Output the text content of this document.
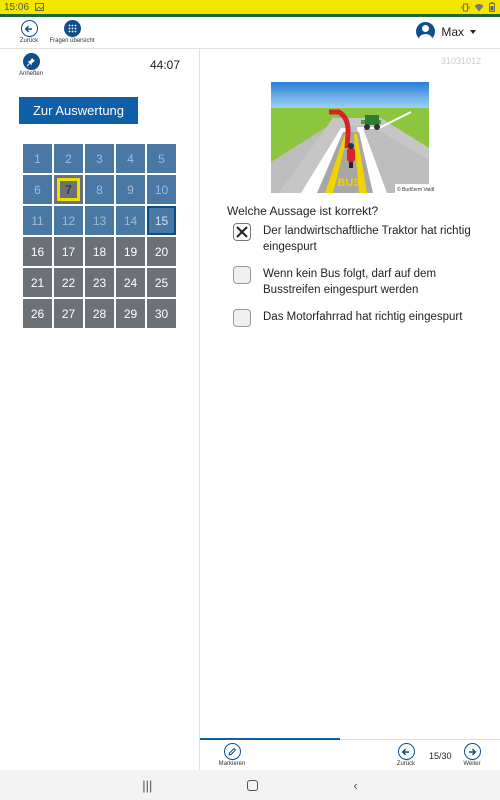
15:06
Zurück Fragen übersicht
Max
Anheften
44:07
Zur Auswertung
1	2	3	4	5
6	7	8	9	10
11	12	13	14	15
16	17	18	19	20
21	22	23	24	25
26	27	28	29	30
31031012
BUS
© Budčerm Vaidl
Welche Aussage ist korrekt?
Der landwirtschaftliche Traktor hat richtig eingespurt
Wenn kein Bus folgt, darf auf dem Busstreifen eingespurt werden
Das Motorfahrrad hat richtig eingespurt
Markieren	Zurück
15/30
Weiter
|||	‹
